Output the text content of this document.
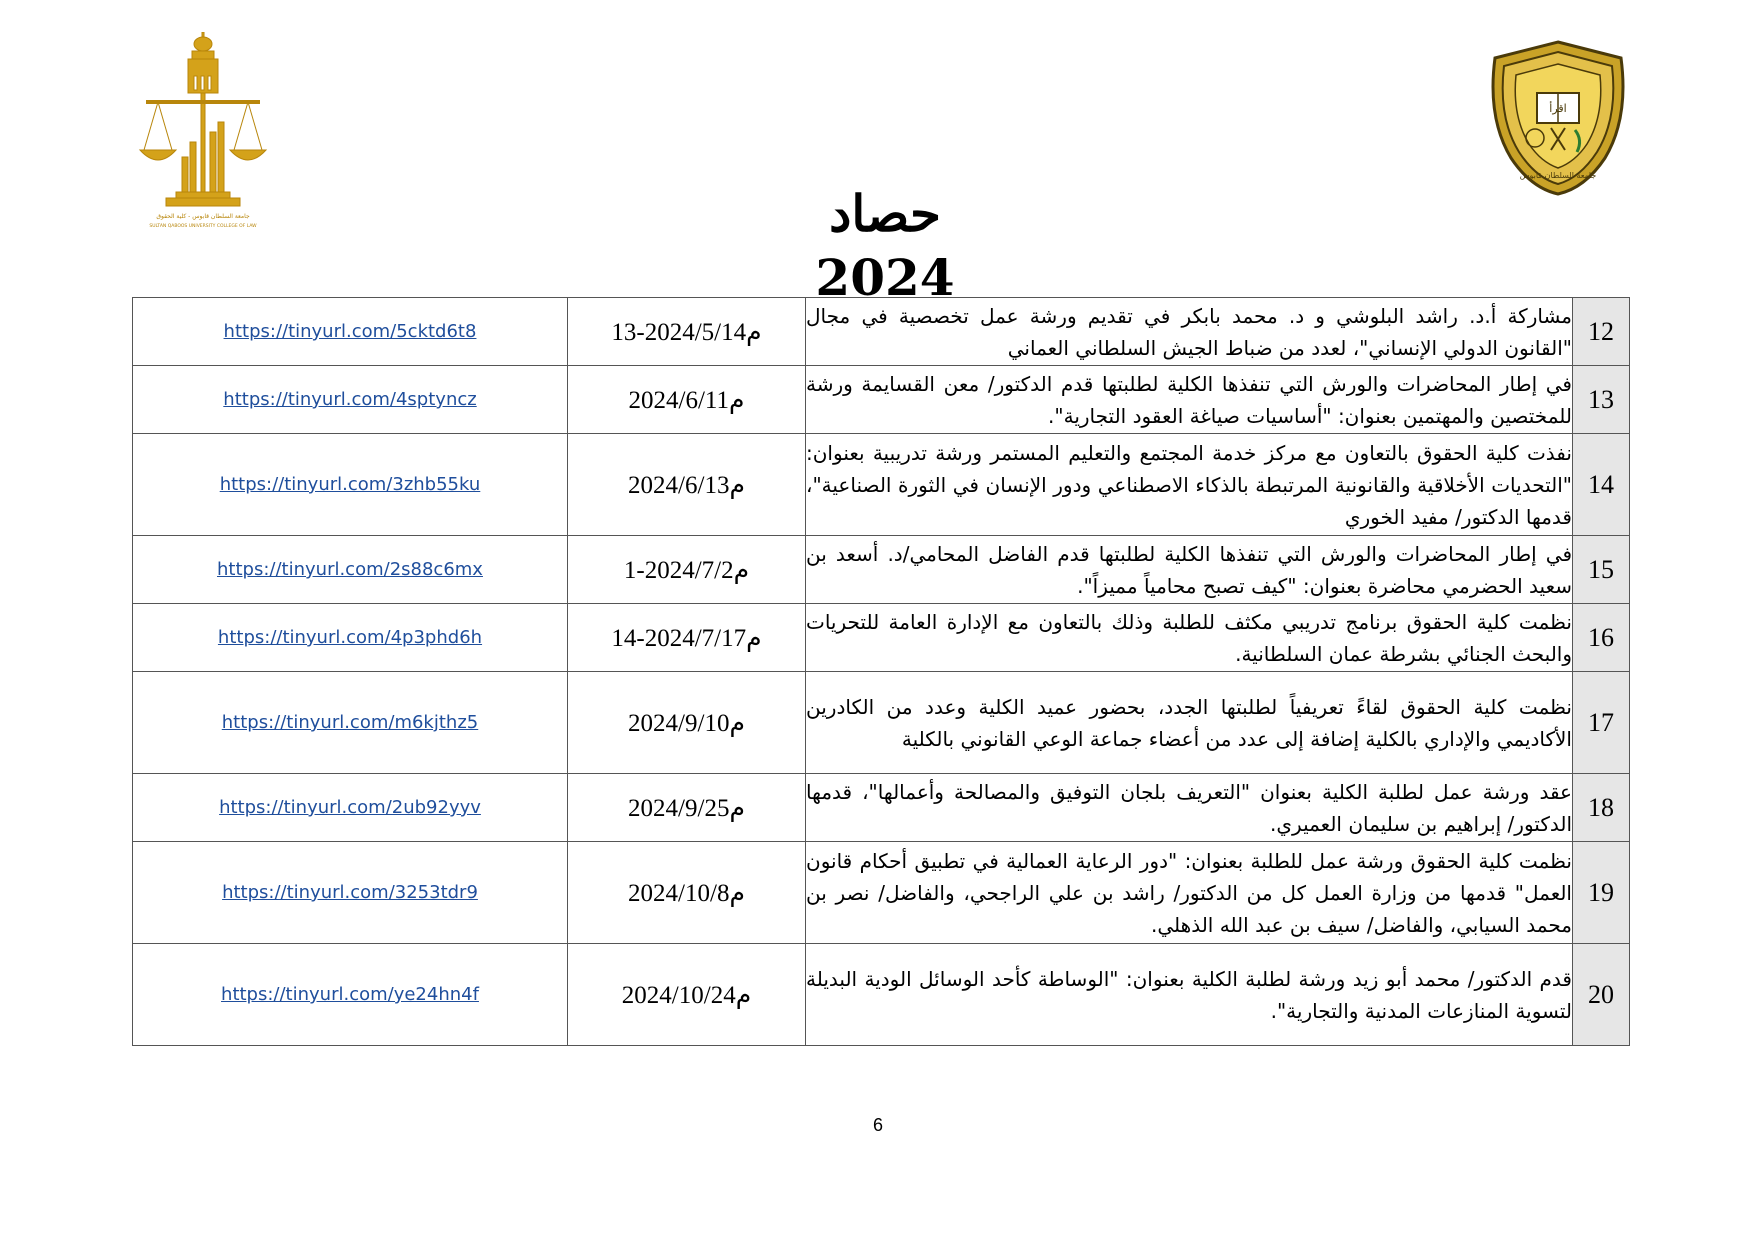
جامعة السلطان قابوس - كلية الحقوق
SULTAN QABOOS UNIVERSITY COLLEGE OF LAW
اقرأ
جامعة السلطان قابوس
حصاد 2024
https://tinyurl.com/5cktd6t8	13-2024/5/14م	مشاركة أ.د. راشد البلوشي و د. محمد بابكر في تقديم ورشة عمل تخصصية في مجال "القانون الدولي الإنساني"، لعدد من ضباط الجيش السلطاني العماني	12
https://tinyurl.com/4sptyncz	2024/6/11م	في إطار المحاضرات والورش التي تنفذها الكلية لطلبتها قدم الدكتور/ معن القسايمة ورشة للمختصين والمهتمين بعنوان: "أساسيات صياغة العقود التجارية".	13
https://tinyurl.com/3zhb55ku	2024/6/13م	نفذت كلية الحقوق بالتعاون مع مركز خدمة المجتمع والتعليم المستمر ورشة تدريبية بعنوان: "التحديات الأخلاقية والقانونية المرتبطة بالذكاء الاصطناعي ودور الإنسان في الثورة الصناعية"، قدمها الدكتور/ مفيد الخوري	14
https://tinyurl.com/2s88c6mx	1-2024/7/2م	في إطار المحاضرات والورش التي تنفذها الكلية لطلبتها قدم الفاضل المحامي/د. أسعد بن سعيد الحضرمي محاضرة بعنوان: "كيف تصبح محامياً مميزاً".	15
https://tinyurl.com/4p3phd6h	14-2024/7/17م	نظمت كلية الحقوق برنامج تدريبي مكثف للطلبة وذلك بالتعاون مع الإدارة العامة للتحريات والبحث الجنائي بشرطة عمان السلطانية.	16
https://tinyurl.com/m6kjthz5	2024/9/10م	نظمت كلية الحقوق لقاءً تعريفياً لطلبتها الجدد، بحضور عميد الكلية وعدد من الكادرين الأكاديمي والإداري بالكلية إضافة إلى عدد من أعضاء جماعة الوعي القانوني بالكلية	17
https://tinyurl.com/2ub92yyv	2024/9/25م	عقد ورشة عمل لطلبة الكلية بعنوان "التعريف بلجان التوفيق والمصالحة وأعمالها"، قدمها الدكتور/ إبراهيم بن سليمان العميري.	18
https://tinyurl.com/3253tdr9	2024/10/8م	نظمت كلية الحقوق ورشة عمل للطلبة بعنوان: "دور الرعاية العمالية في تطبيق أحكام قانون العمل" قدمها من وزارة العمل كل من الدكتور/ راشد بن علي الراجحي، والفاضل/ نصر بن محمد السيابي، والفاضل/ سيف بن عبد الله الذهلي.	19
https://tinyurl.com/ye24hn4f	2024/10/24م	قدم الدكتور/ محمد أبو زيد ورشة لطلبة الكلية بعنوان: "الوساطة كأحد الوسائل الودية البديلة لتسوية المنازعات المدنية والتجارية".	20
6
